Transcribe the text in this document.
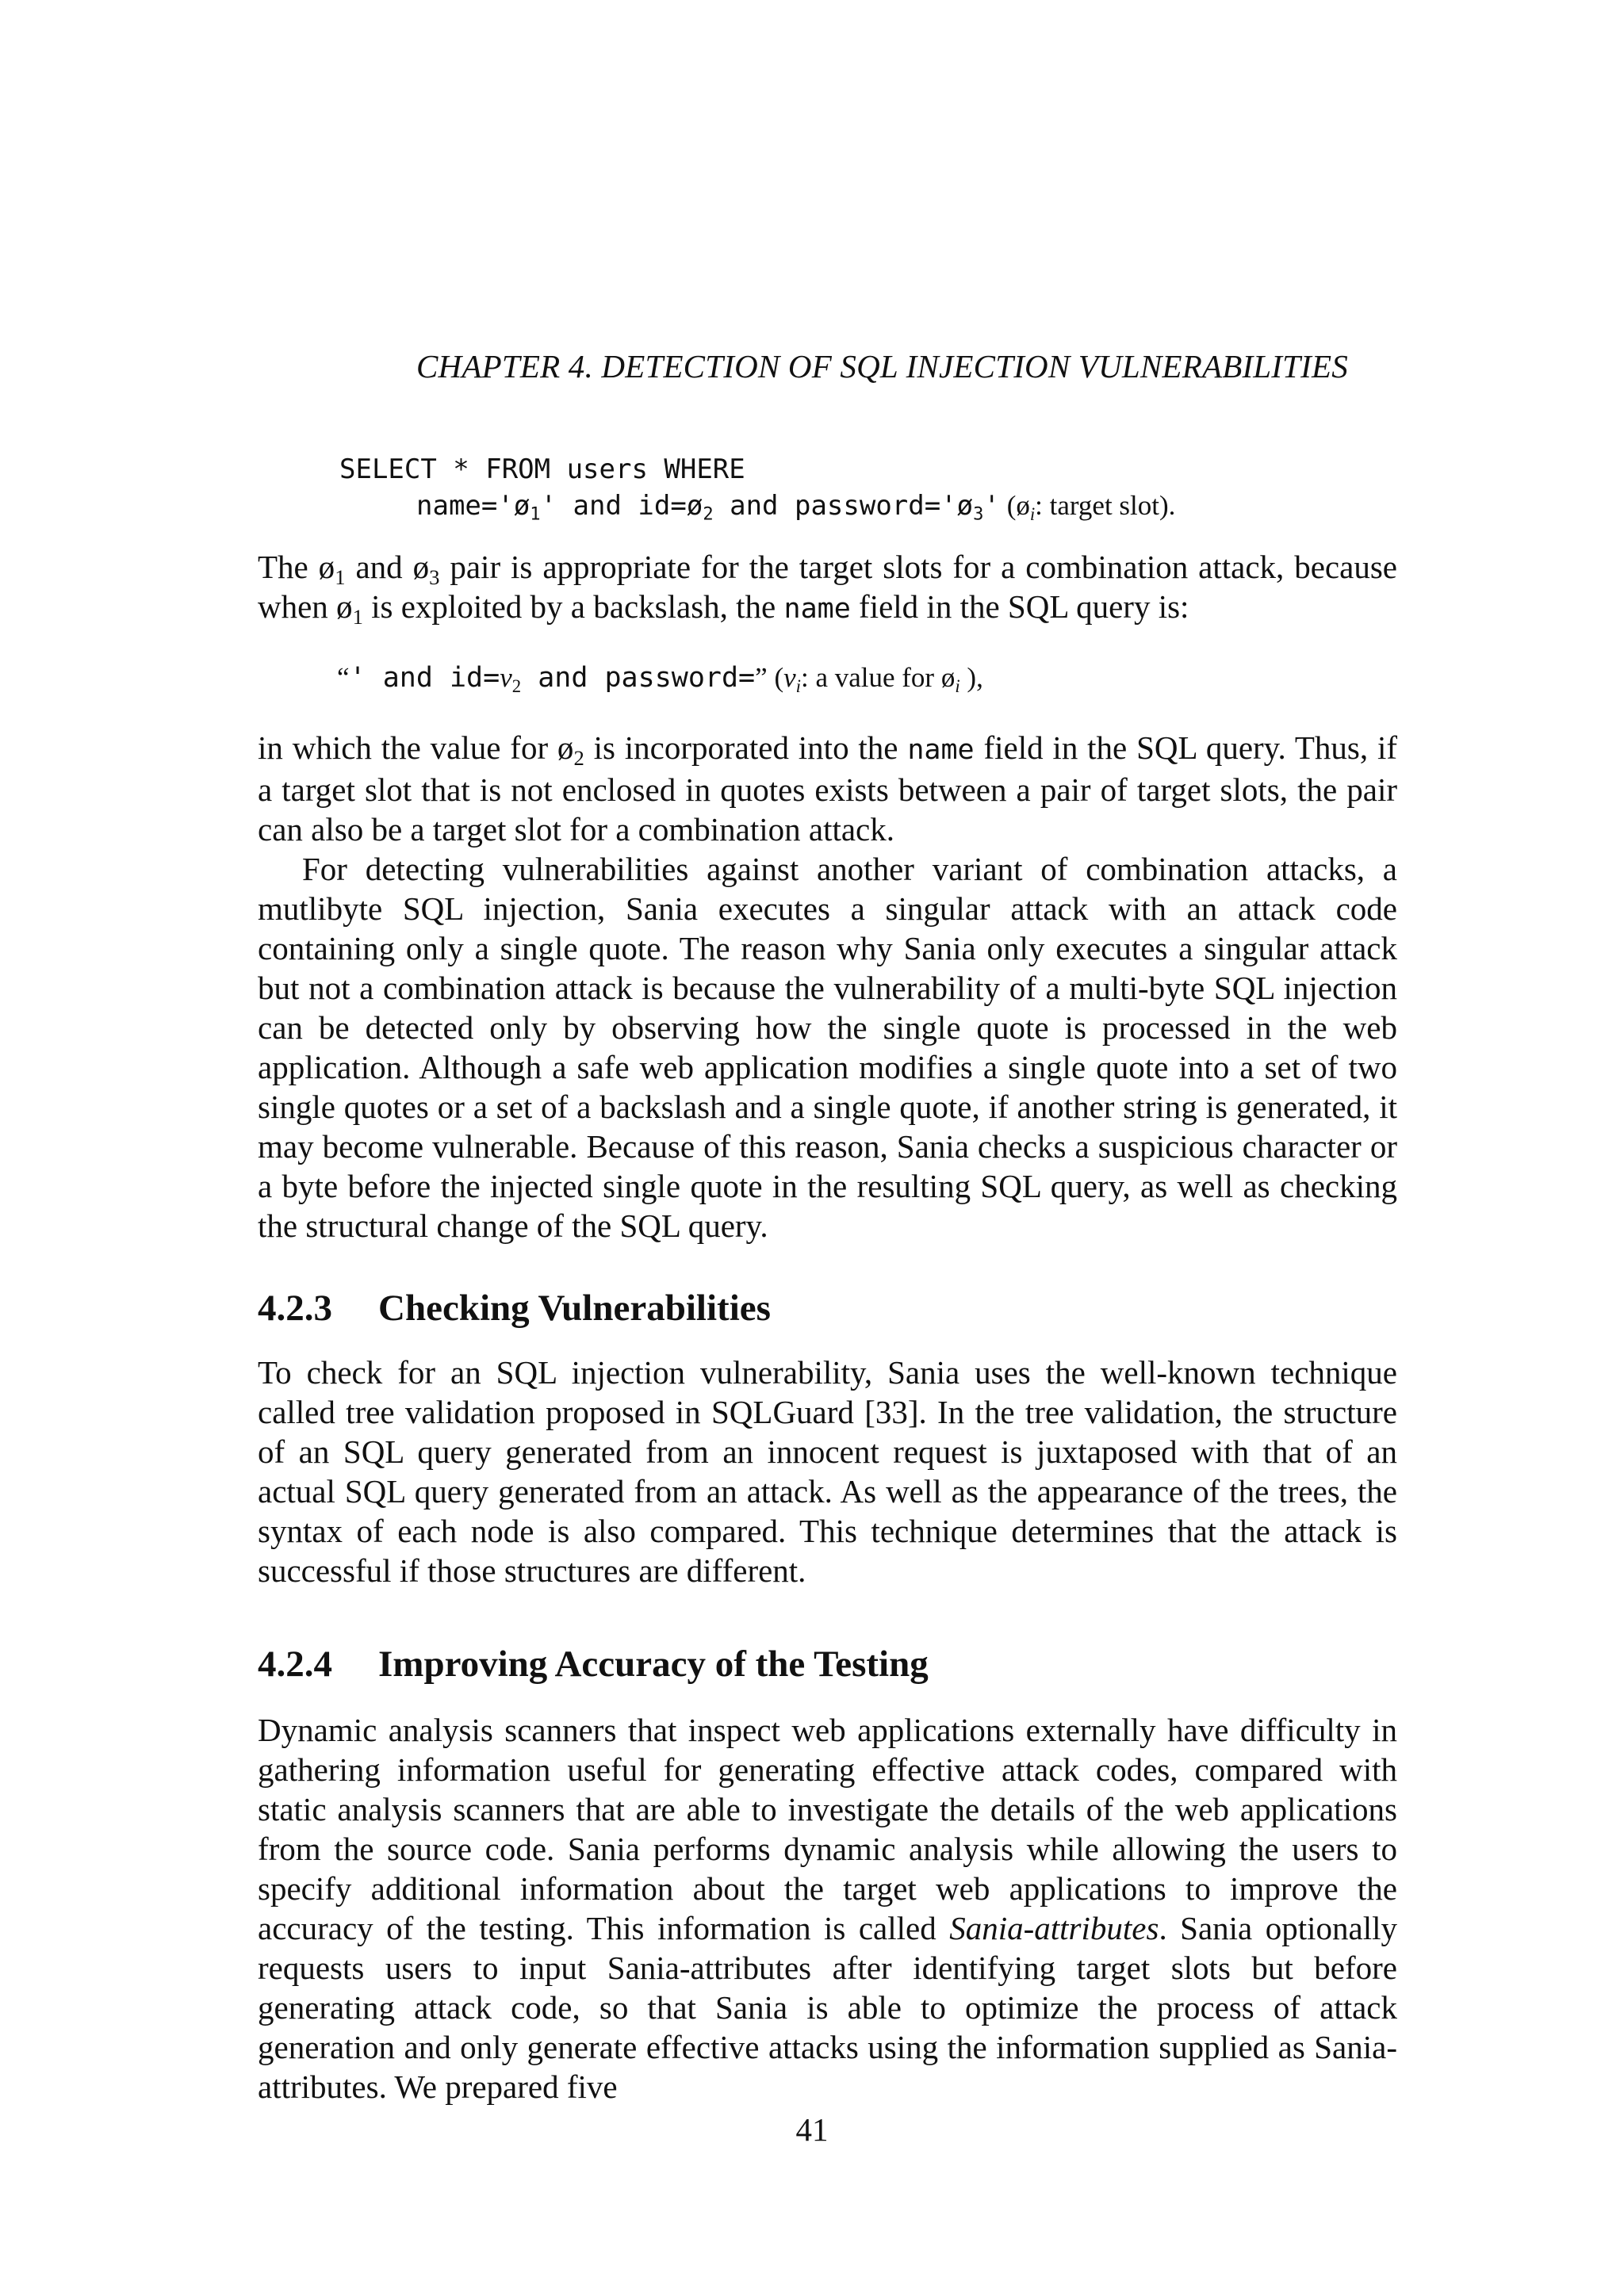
CHAPTER 4. DETECTION OF SQL INJECTION VULNERABILITIES
SELECT * FROM users WHERE
$name='ø_1'$ and $id=ø_2$ and $password='ø_3'$ ($ø_i$: target slot).

The $ø_1$ and $ø_3$ pair is appropriate for the target slots for a combination attack, because when $ø_1$ is exploited by a backslash, the name field in the SQL query is:

“' and $id=v_2$ and password=” ($v_i$: a value for $ø_i$ ),

in which the value for $ø_2$ is incorporated into the name field in the SQL query. Thus, if a target slot that is not enclosed in quotes exists between a pair of target slots, the pair can also be a target slot for a combination attack.

For detecting vulnerabilities against another variant of combination attacks, a mutlibyte SQL injection, Sania executes a singular attack with an attack code containing only a single quote. The reason why Sania only executes a singular attack but not a combination attack is because the vulnerability of a multi-byte SQL injection can be detected only by observing how the single quote is processed in the web application. Although a safe web application modifies a single quote into a set of two single quotes or a set of a backslash and a single quote, if another string is generated, it may become vulnerable. Because of this reason, Sania checks a suspicious character or a byte before the injected single quote in the resulting SQL query, as well as checking the structural change of the SQL query.

4.2.3 Checking Vulnerabilities

To check for an SQL injection vulnerability, Sania uses the well-known technique called tree validation proposed in SQLGuard [33]. In the tree validation, the structure of an SQL query generated from an innocent request is juxtaposed with that of an actual SQL query generated from an attack. As well as the appearance of the trees, the syntax of each node is also compared. This technique determines that the attack is successful if those structures are different.

4.2.4 Improving Accuracy of the Testing

Dynamic analysis scanners that inspect web applications externally have difficulty in gathering information useful for generating effective attack codes, compared with static analysis scanners that are able to investigate the details of the web applications from the source code. Sania performs dynamic analysis while allowing the users to specify additional information about the target web applications to improve the accuracy of the testing. This information is called Sania-attributes. Sania optionally requests users to input Sania-attributes after identifying target slots but before generating attack code, so that Sania is able to optimize the process of attack generation and only generate effective attacks using the information supplied as Sania-attributes. We prepared five

41
